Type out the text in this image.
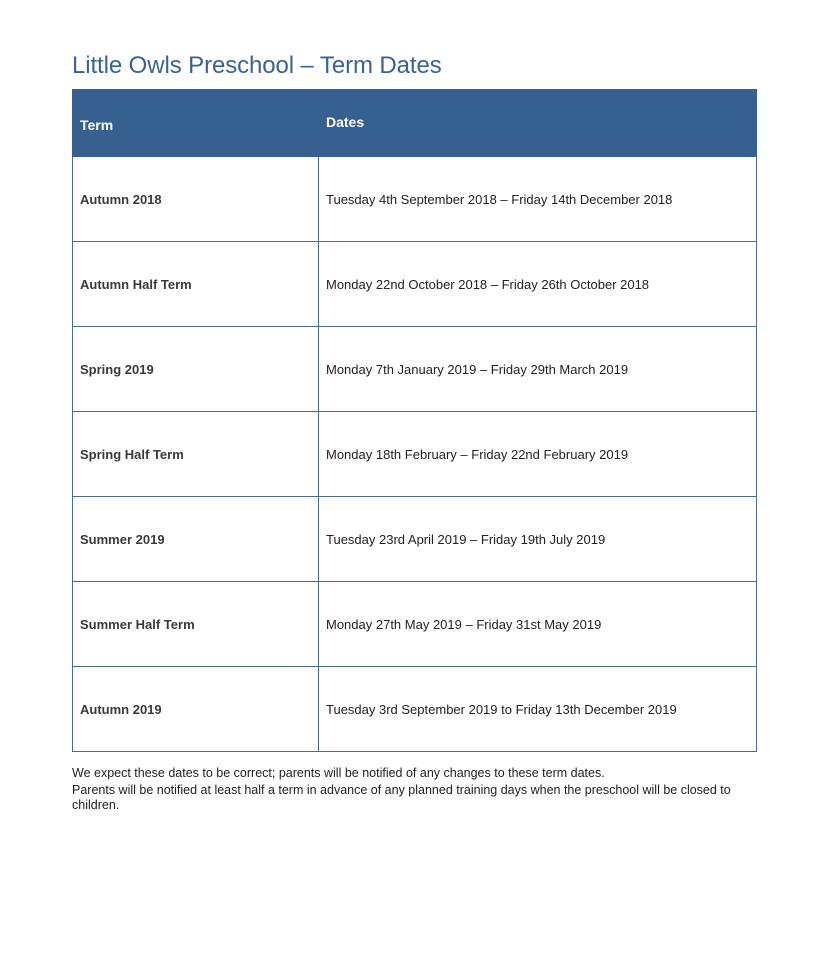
Little Owls Preschool – Term Dates
Term	Dates
Autumn 2018	Tuesday 4th September 2018 – Friday 14th December 2018
Autumn Half Term	Monday 22nd October 2018 – Friday 26th October 2018
Spring 2019	Monday 7th January 2019 – Friday 29th March 2019
Spring Half Term	Monday 18th February – Friday 22nd February 2019
Summer 2019	Tuesday 23rd April 2019 – Friday 19th July 2019
Summer Half Term	Monday 27th May 2019 – Friday 31st May 2019
Autumn 2019	Tuesday 3rd September 2019 to Friday 13th December 2019

We expect these dates to be correct; parents will be notified of any changes to these term dates.

Parents will be notified at least half a term in advance of any planned training days when the preschool will be closed to children.
